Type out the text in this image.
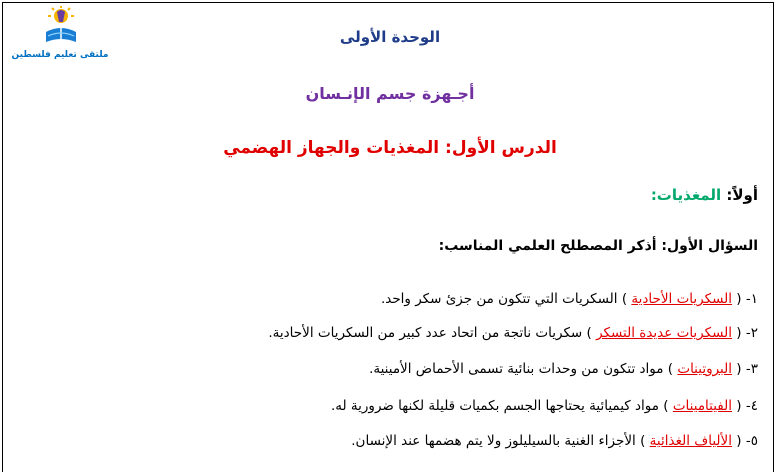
ملتقى تعليم فلسطين
الوحدة الأولى
أجـهزة جسم الإنـسان
الدرس الأول: المغذيات والجهاز الهضمي
أولاً: المغذيات:
السؤال الأول: أذكر المصطلح العلمي المناسب:
١- ( السكريات الأحادية ) السكريات التي تتكون من جزئ سكر واحد.
٢- ( السكريات عديدة التسكر ) سكريات ناتجة من اتحاد عدد كبير من السكريات الأحادية.
٣- ( البروتينات ) مواد تتكون من وحدات بنائية تسمى الأحماض الأمينية.
٤- ( الفيتامينات ) مواد كيميائية يحتاجها الجسم بكميات قليلة لكنها ضرورية له.
٥- ( الألياف الغذائية ) الأجزاء الغنية بالسيليلوز ولا يتم هضمها عند الإنسان.
